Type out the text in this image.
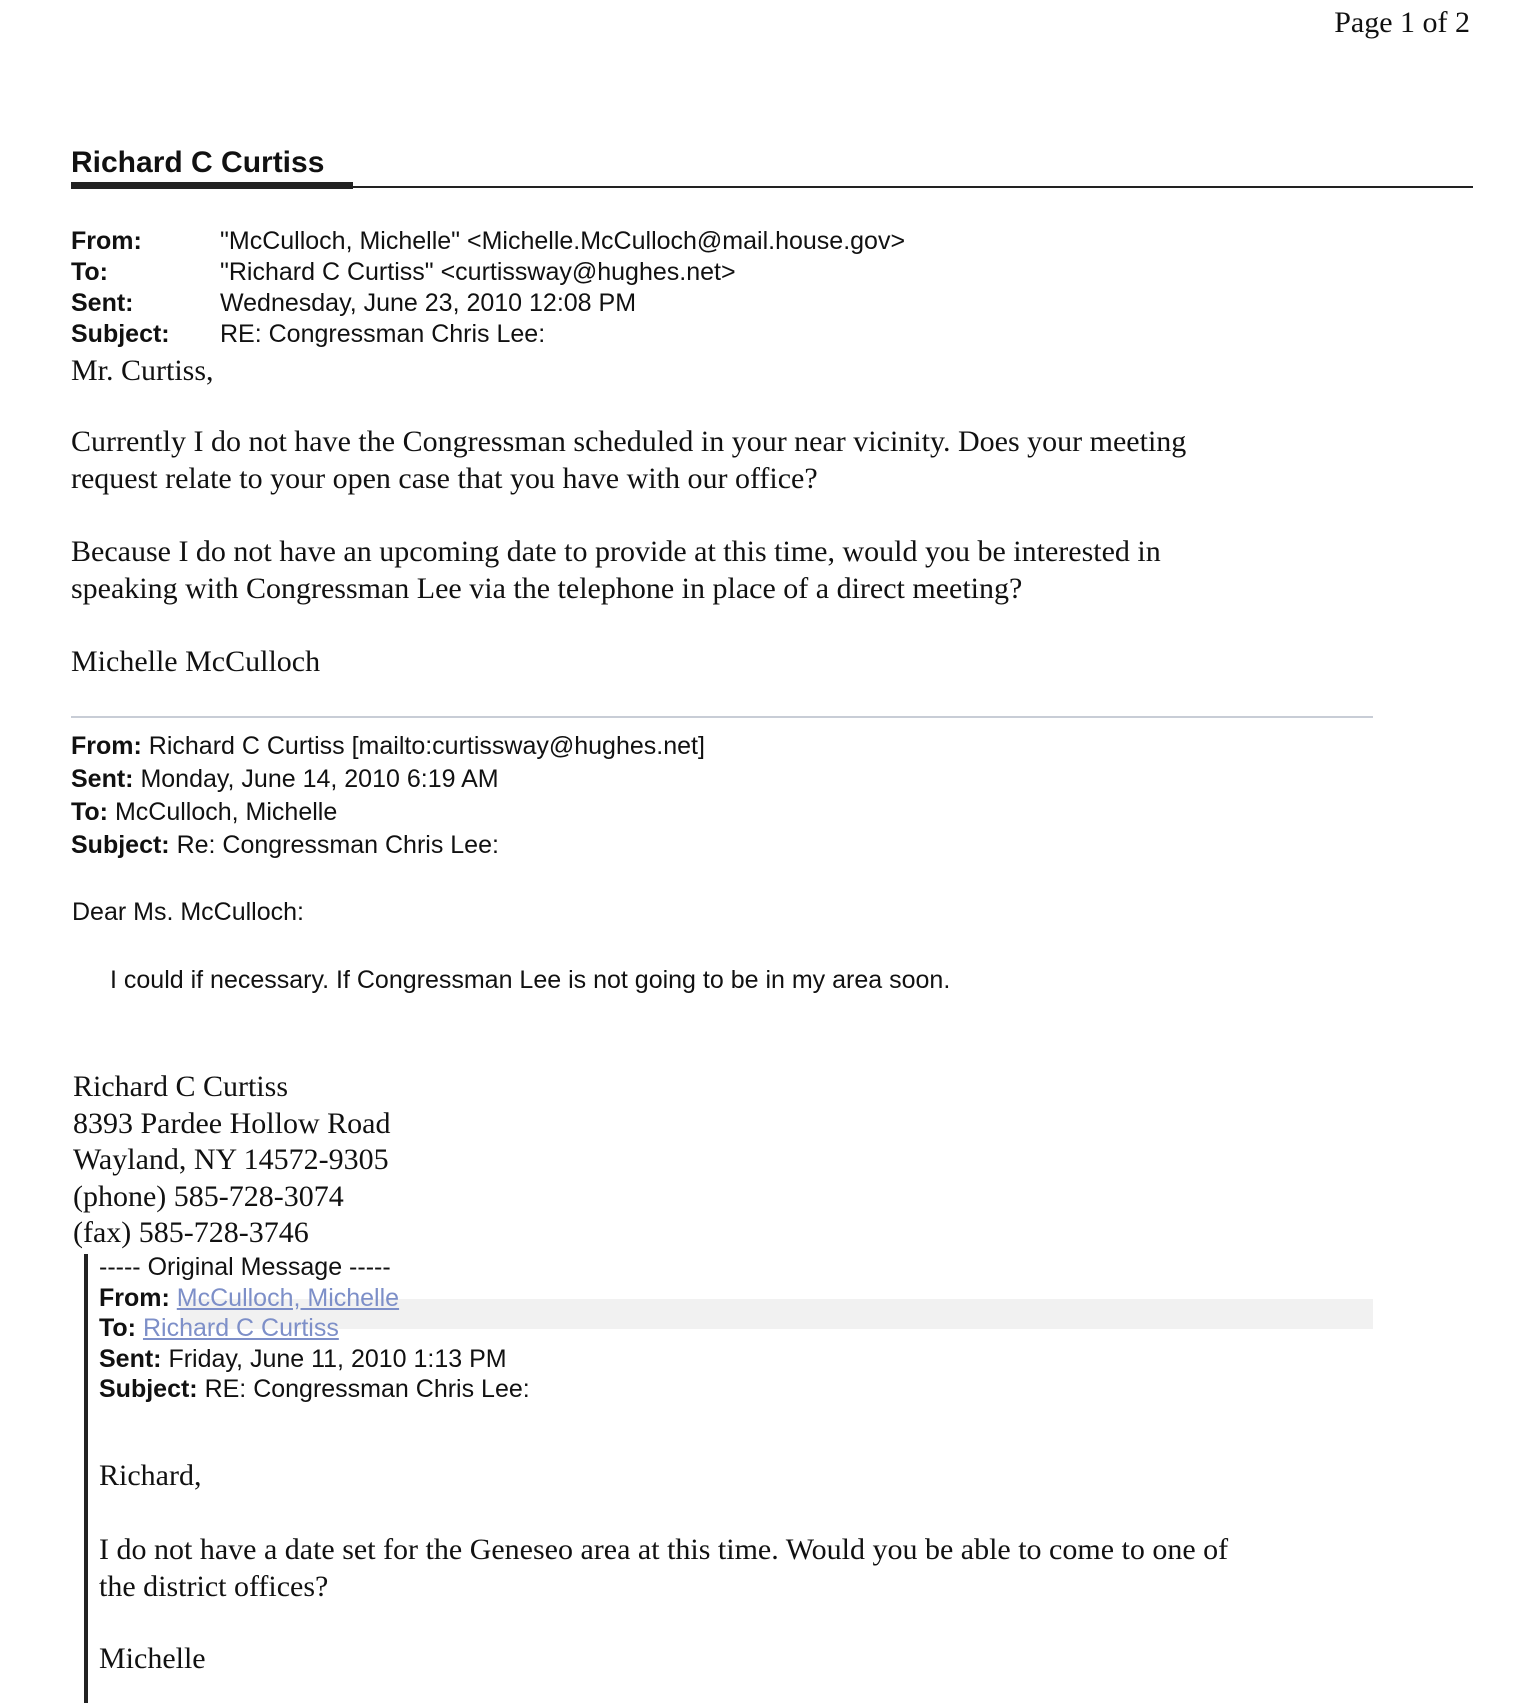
Page 1 of 2
Richard C Curtiss
From:	"McCulloch, Michelle" <Michelle.McCulloch@mail.house.gov>
To:	"Richard C Curtiss" <curtissway@hughes.net>
Sent:	Wednesday, June 23, 2010 12:08 PM
Subject:	RE: Congressman Chris Lee:
Mr. Curtiss,
Currently I do not have the Congressman scheduled in your near vicinity. Does your meeting
request relate to your open case that you have with our office?
Because I do not have an upcoming date to provide at this time, would you be interested in
speaking with Congressman Lee via the telephone in place of a direct meeting?
Michelle McCulloch
From: Richard C Curtiss [mailto:curtissway@hughes.net]
Sent: Monday, June 14, 2010 6:19 AM
To: McCulloch, Michelle
Subject: Re: Congressman Chris Lee:
Dear Ms. McCulloch:
I could if necessary. If Congressman Lee is not going to be in my area soon.
Richard C Curtiss
8393 Pardee Hollow Road
Wayland, NY 14572-9305
(phone) 585-728-3074
(fax) 585-728-3746
----- Original Message -----
From: McCulloch, Michelle
To: Richard C Curtiss
Sent: Friday, June 11, 2010 1:13 PM
Subject: RE: Congressman Chris Lee:
Richard,
I do not have a date set for the Geneseo area at this time. Would you be able to come to one of
the district offices?
Michelle
